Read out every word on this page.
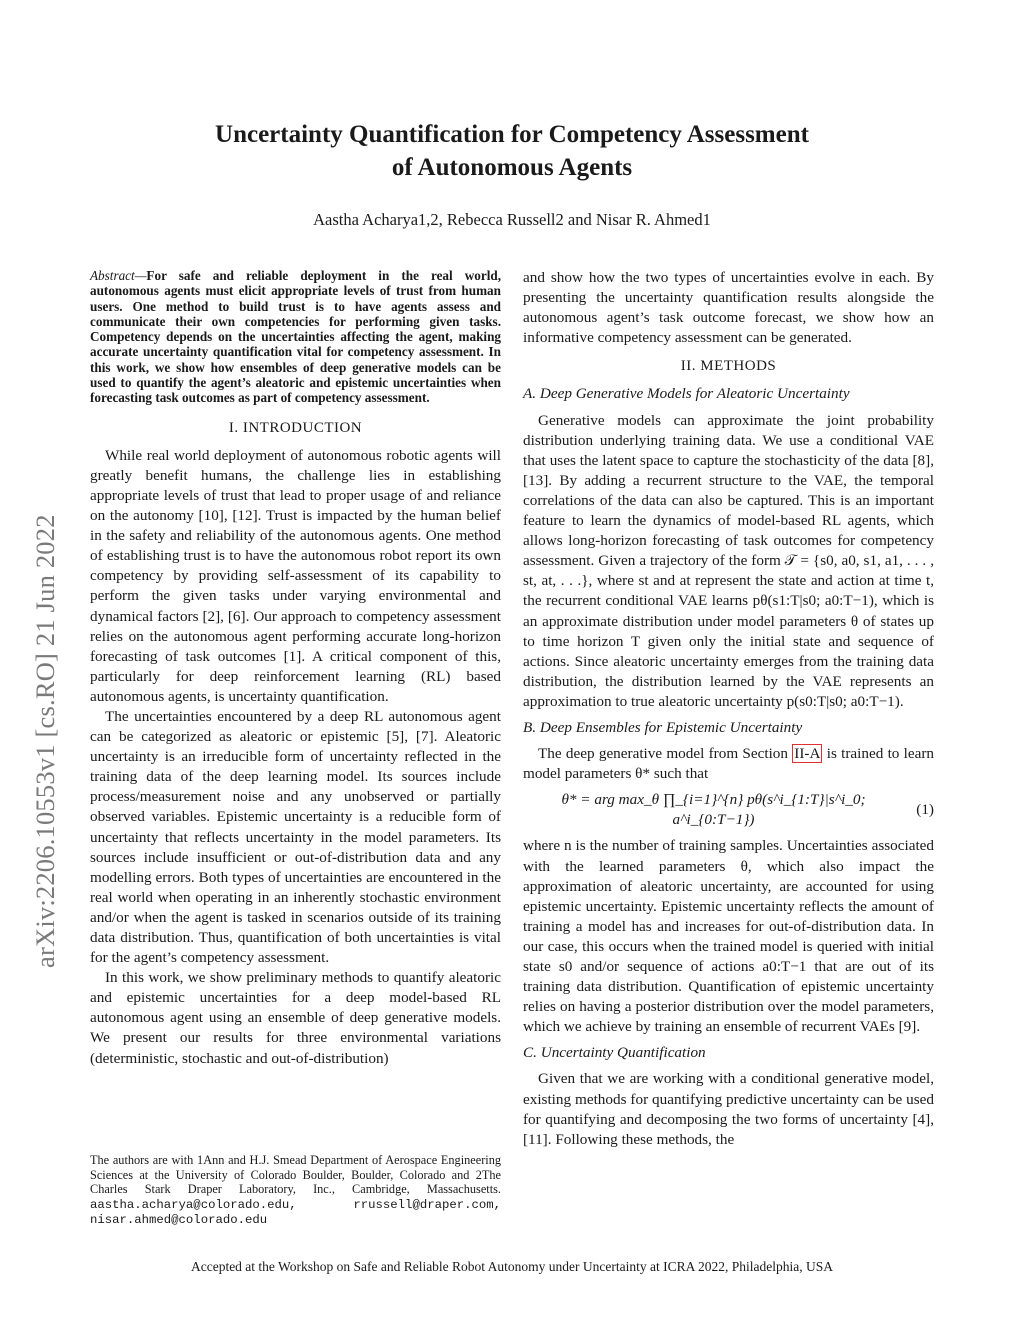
arXiv:2206.10553v1 [cs.RO] 21 Jun 2022
Uncertainty Quantification for Competency Assessment
of Autonomous Agents
Aastha Acharya1,2, Rebecca Russell2 and Nisar R. Ahmed1

Abstract—For safe and reliable deployment in the real world, autonomous agents must elicit appropriate levels of trust from human users. One method to build trust is to have agents assess and communicate their own competencies for performing given tasks. Competency depends on the uncertainties affecting the agent, making accurate uncertainty quantification vital for competency assessment. In this work, we show how ensembles of deep generative models can be used to quantify the agent’s aleatoric and epistemic uncertainties when forecasting task outcomes as part of competency assessment.

I. INTRODUCTION

While real world deployment of autonomous robotic agents will greatly benefit humans, the challenge lies in establishing appropriate levels of trust that lead to proper usage of and reliance on the autonomy [10], [12]. Trust is impacted by the human belief in the safety and reliability of the autonomous agents. One method of establishing trust is to have the autonomous robot report its own competency by providing self-assessment of its capability to perform the given tasks under varying environmental and dynamical factors [2], [6]. Our approach to competency assessment relies on the autonomous agent performing accurate long-horizon forecasting of task outcomes [1]. A critical component of this, particularly for deep reinforcement learning (RL) based autonomous agents, is uncertainty quantification.

The uncertainties encountered by a deep RL autonomous agent can be categorized as aleatoric or epistemic [5], [7]. Aleatoric uncertainty is an irreducible form of uncertainty reflected in the training data of the deep learning model. Its sources include process/measurement noise and any unobserved or partially observed variables. Epistemic uncertainty is a reducible form of uncertainty that reflects uncertainty in the model parameters. Its sources include insufficient or out-of-distribution data and any modelling errors. Both types of uncertainties are encountered in the real world when operating in an inherently stochastic environment and/or when the agent is tasked in scenarios outside of its training data distribution. Thus, quantification of both uncertainties is vital for the agent’s competency assessment.

In this work, we show preliminary methods to quantify aleatoric and epistemic uncertainties for a deep model-based RL autonomous agent using an ensemble of deep generative models. We present our results for three environmental variations (deterministic, stochastic and out-of-distribution)

The authors are with 1Ann and H.J. Smead Department of Aerospace Engineering Sciences at the University of Colorado Boulder, Boulder, Colorado and 2The Charles Stark Draper Laboratory, Inc., Cambridge, Massachusetts. aastha.acharya@colorado.edu, rrussell@draper.com, nisar.ahmed@colorado.edu

and show how the two types of uncertainties evolve in each. By presenting the uncertainty quantification results alongside the autonomous agent’s task outcome forecast, we show how an informative competency assessment can be generated.

II. METHODS
A. Deep Generative Models for Aleatoric Uncertainty

Generative models can approximate the joint probability distribution underlying training data. We use a conditional VAE that uses the latent space to capture the stochasticity of the data [8], [13]. By adding a recurrent structure to the VAE, the temporal correlations of the data can also be captured. This is an important feature to learn the dynamics of model-based RL agents, which allows long-horizon forecasting of task outcomes for competency assessment. Given a trajectory of the form 𝒯 = {s0, a0, s1, a1, . . . , st, at, . . .}, where st and at represent the state and action at time t, the recurrent conditional VAE learns pθ(s1:T|s0; a0:T−1), which is an approximate distribution under model parameters θ of states up to time horizon T given only the initial state and sequence of actions. Since aleatoric uncertainty emerges from the training data distribution, the distribution learned by the VAE represents an approximation to true aleatoric uncertainty p(s0:T|s0; a0:T−1).

B. Deep Ensembles for Epistemic Uncertainty

The deep generative model from Section II-A is trained to learn model parameters θ* such that

θ* = arg max_θ ∏_{i=1}^{n} pθ(s^i_{1:T}|s^i_0; a^i_{0:T−1})
(1)

where n is the number of training samples. Uncertainties associated with the learned parameters θ, which also impact the approximation of aleatoric uncertainty, are accounted for using epistemic uncertainty. Epistemic uncertainty reflects the amount of training a model has and increases for out-of-distribution data. In our case, this occurs when the trained model is queried with initial state s0 and/or sequence of actions a0:T−1 that are out of its training data distribution. Quantification of epistemic uncertainty relies on having a posterior distribution over the model parameters, which we achieve by training an ensemble of recurrent VAEs [9].

C. Uncertainty Quantification

Given that we are working with a conditional generative model, existing methods for quantifying predictive uncertainty can be used for quantifying and decomposing the two forms of uncertainty [4], [11]. Following these methods, the

Accepted at the Workshop on Safe and Reliable Robot Autonomy under Uncertainty at ICRA 2022, Philadelphia, USA
